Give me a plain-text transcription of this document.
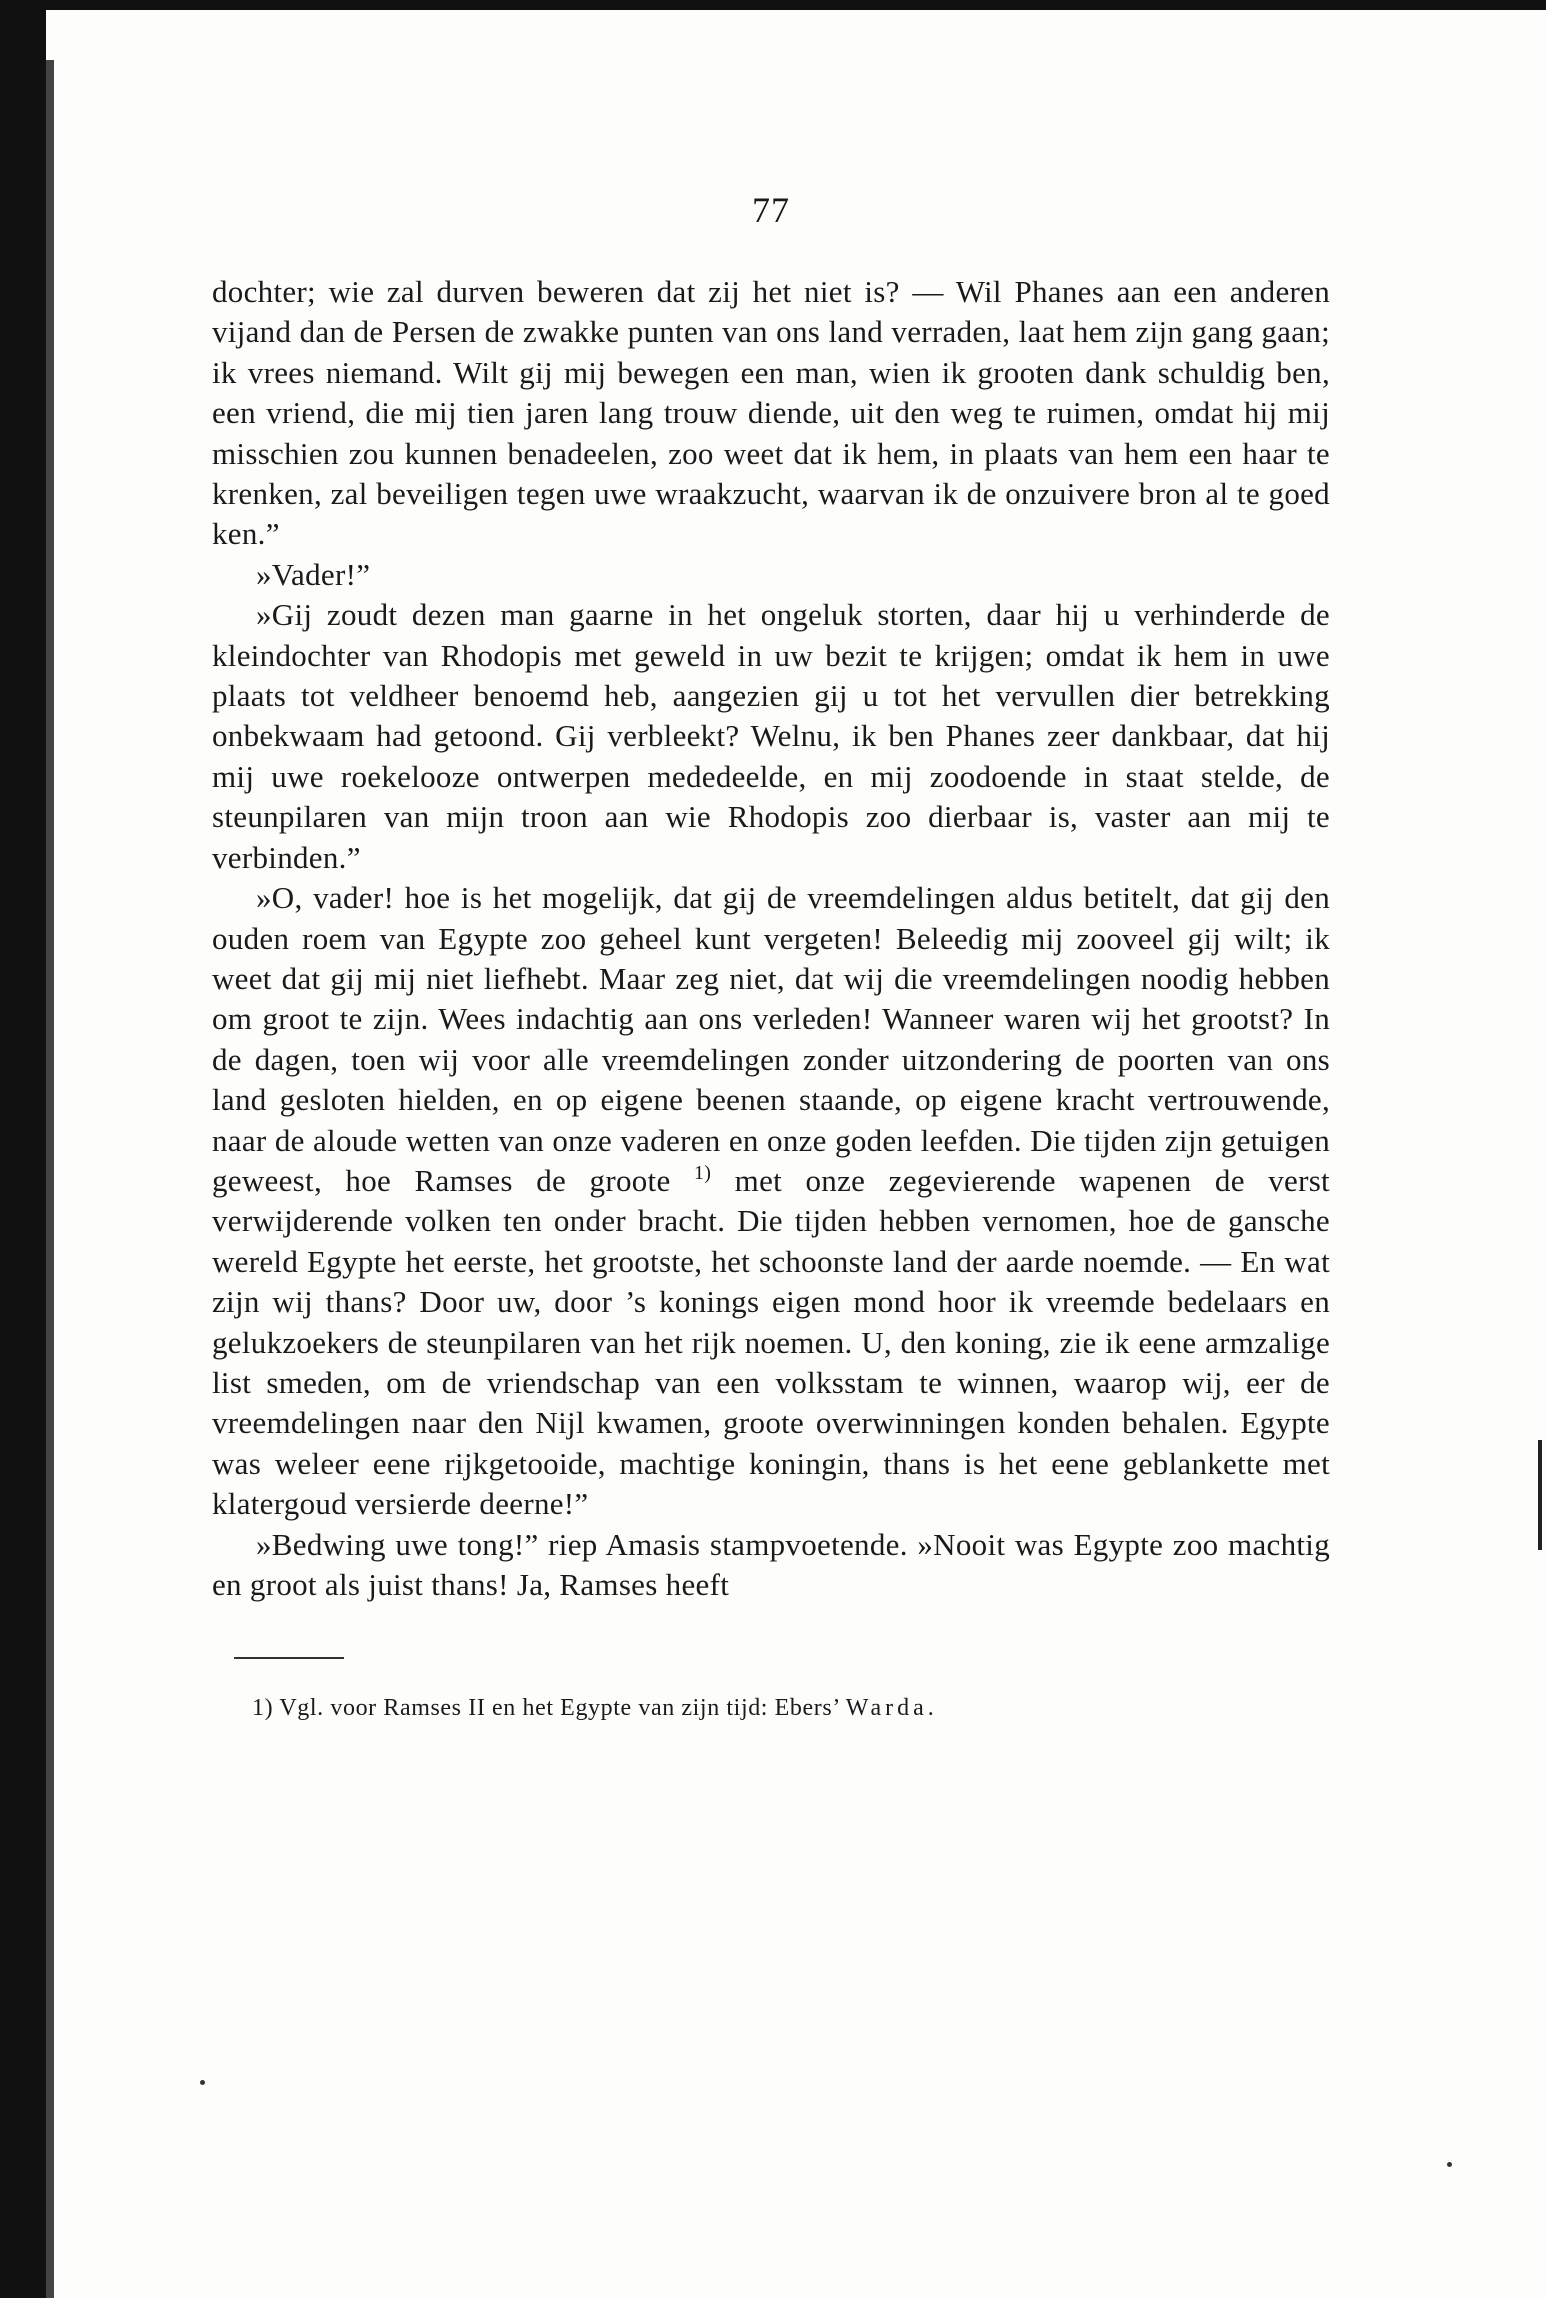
77

dochter; wie zal durven beweren dat zij het niet is? — Wil Phanes aan een anderen vijand dan de Persen de zwakke punten van ons land verraden, laat hem zijn gang gaan; ik vrees niemand. Wilt gij mij bewegen een man, wien ik grooten dank schuldig ben, een vriend, die mij tien jaren lang trouw diende, uit den weg te ruimen, omdat hij mij misschien zou kunnen benadeelen, zoo weet dat ik hem, in plaats van hem een haar te krenken, zal beveiligen tegen uwe wraakzucht, waarvan ik de onzuivere bron al te goed ken.”

»Vader!”

»Gij zoudt dezen man gaarne in het ongeluk storten, daar hij u verhinderde de kleindochter van Rhodopis met geweld in uw bezit te krijgen; omdat ik hem in uwe plaats tot veldheer benoemd heb, aangezien gij u tot het vervullen dier betrekking onbekwaam had getoond. Gij verbleekt? Welnu, ik ben Phanes zeer dankbaar, dat hij mij uwe roekelooze ontwerpen mededeelde, en mij zoodoende in staat stelde, de steunpilaren van mijn troon aan wie Rhodopis zoo dierbaar is, vaster aan mij te verbinden.”

»O, vader! hoe is het mogelijk, dat gij de vreemdelingen aldus betitelt, dat gij den ouden roem van Egypte zoo geheel kunt vergeten! Beleedig mij zooveel gij wilt; ik weet dat gij mij niet liefhebt. Maar zeg niet, dat wij die vreemdelingen noodig hebben om groot te zijn. Wees indachtig aan ons verleden! Wanneer waren wij het grootst? In de dagen, toen wij voor alle vreemdelingen zonder uitzondering de poorten van ons land gesloten hielden, en op eigene beenen staande, op eigene kracht vertrouwende, naar de aloude wetten van onze vaderen en onze goden leefden. Die tijden zijn getuigen geweest, hoe Ramses de groote $^{1)}$ met onze zegevierende wapenen de verst verwijderende volken ten onder bracht. Die tijden hebben vernomen, hoe de gansche wereld Egypte het eerste, het grootste, het schoonste land der aarde noemde. — En wat zijn wij thans? Door uw, door ’s konings eigen mond hoor ik vreemde bedelaars en gelukzoekers de steunpilaren van het rijk noemen. U, den koning, zie ik eene armzalige list smeden, om de vriendschap van een volksstam te winnen, waarop wij, eer de vreemdelingen naar den Nijl kwamen, groote overwinningen konden behalen. Egypte was weleer eene rijkgetooide, machtige koningin, thans is het eene geblankette met klatergoud versierde deerne!”

»Bedwing uwe tong!” riep Amasis stampvoetende. »Nooit was Egypte zoo machtig en groot als juist thans! Ja, Ramses heeft

1) Vgl. voor Ramses II en het Egypte van zijn tijd: Ebers’ Warda.
